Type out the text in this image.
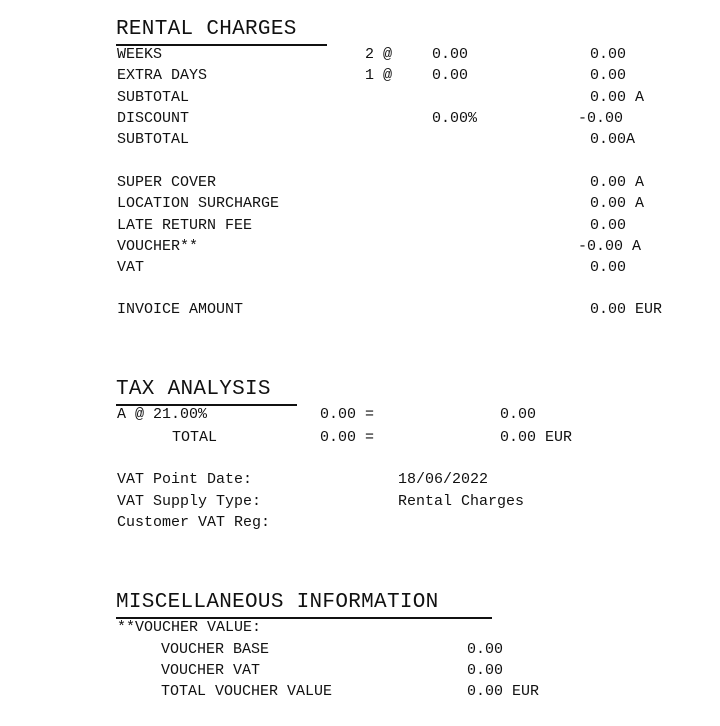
RENTAL CHARGES
WEEKS	2 @	0.00	0.00
EXTRA DAYS	1 @	0.00	0.00
SUBTOTAL	0.00 A
DISCOUNT	0.00%	-0.00
SUBTOTAL	0.00A
SUPER COVER	0.00 A
LOCATION SURCHARGE	0.00 A
LATE RETURN FEE	0.00
VOUCHER**	-0.00 A
VAT	0.00
INVOICE AMOUNT	0.00 EUR
TAX ANALYSIS
A @ 21.00%	0.00 =	0.00
TOTAL	0.00 =	0.00 EUR
VAT Point Date:	18/06/2022
VAT Supply Type:	Rental Charges
Customer VAT Reg:
MISCELLANEOUS INFORMATION
**VOUCHER VALUE:
VOUCHER BASE	0.00
VOUCHER VAT	0.00
TOTAL VOUCHER VALUE	0.00 EUR
